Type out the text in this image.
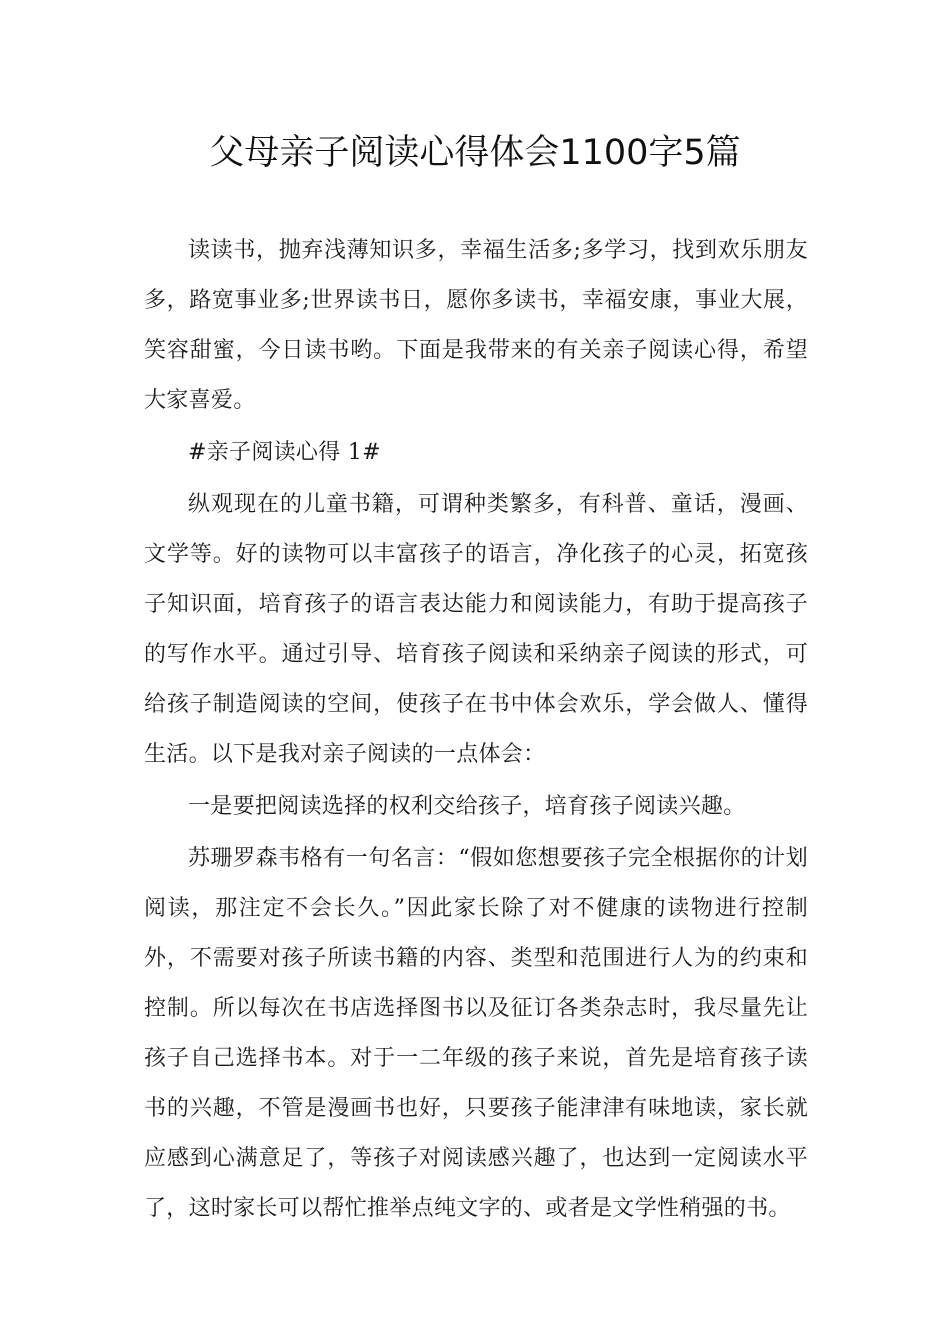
父母亲子阅读心得体会1100字5篇

读读书，抛弃浅薄知识多，幸福生活多;多学习，找到欢乐朋友多，路宽事业多;世界读书日，愿你多读书，幸福安康，事业大展，笑容甜蜜，今日读书哟。下面是我带来的有关亲子阅读心得，希望大家喜爱。

#亲子阅读心得 1#

纵观现在的儿童书籍，可谓种类繁多，有科普、童话，漫画、文学等。好的读物可以丰富孩子的语言，净化孩子的心灵，拓宽孩子知识面，培育孩子的语言表达能力和阅读能力，有助于提高孩子的写作水平。通过引导、培育孩子阅读和采纳亲子阅读的形式，可给孩子制造阅读的空间，使孩子在书中体会欢乐，学会做人、懂得生活。以下是我对亲子阅读的一点体会：

一是要把阅读选择的权利交给孩子，培育孩子阅读兴趣。

苏珊罗森韦格有一句名言：“假如您想要孩子完全根据你的计划阅读，那注定不会长久。”因此家长除了对不健康的读物进行控制外，不需要对孩子所读书籍的内容、类型和范围进行人为的约束和控制。所以每次在书店选择图书以及征订各类杂志时，我尽量先让孩子自己选择书本。对于一二年级的孩子来说，首先是培育孩子读书的兴趣，不管是漫画书也好，只要孩子能津津有味地读，家长就应感到心满意足了，等孩子对阅读感兴趣了，也达到一定阅读水平了，这时家长可以帮忙推举点纯文字的、或者是文学性稍强的书。
